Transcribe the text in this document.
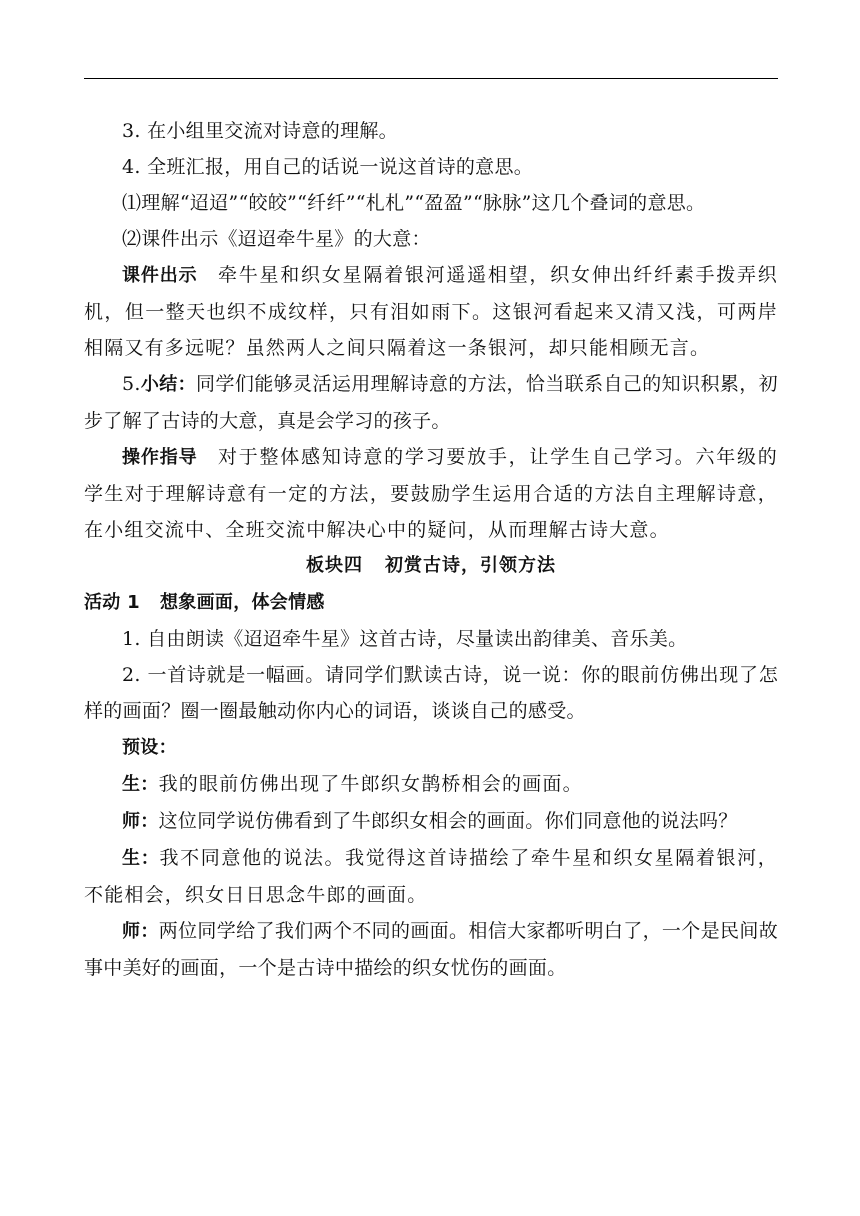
3. 在小组里交流对诗意的理解。

4. 全班汇报，用自己的话说一说这首诗的意思。

⑴理解“迢迢”“皎皎”“纤纤”“札札”“盈盈”“脉脉”这几个叠词的意思。

⑵课件出示《迢迢牵牛星》的大意：

课件出示 牵牛星和织女星隔着银河遥遥相望，织女伸出纤纤素手拨弄织机，但一整天也织不成纹样，只有泪如雨下。这银河看起来又清又浅，可两岸相隔又有多远呢？虽然两人之间只隔着这一条银河，却只能相顾无言。

5.小结：同学们能够灵活运用理解诗意的方法，恰当联系自己的知识积累，初步了解了古诗的大意，真是会学习的孩子。

操作指导 对于整体感知诗意的学习要放手，让学生自己学习。六年级的学生对于理解诗意有一定的方法，要鼓励学生运用合适的方法自主理解诗意，在小组交流中、全班交流中解决心中的疑问，从而理解古诗大意。

板块四 初赏古诗，引领方法

活动 1 想象画面，体会情感

1. 自由朗读《迢迢牵牛星》这首古诗，尽量读出韵律美、音乐美。

2. 一首诗就是一幅画。请同学们默读古诗，说一说：你的眼前仿佛出现了怎样的画面？圈一圈最触动你内心的词语，谈谈自己的感受。

预设：

生：我的眼前仿佛出现了牛郎织女鹊桥相会的画面。

师：这位同学说仿佛看到了牛郎织女相会的画面。你们同意他的说法吗？

生：我不同意他的说法。我觉得这首诗描绘了牵牛星和织女星隔着银河，不能相会，织女日日思念牛郎的画面。

师：两位同学给了我们两个不同的画面。相信大家都听明白了，一个是民间故事中美好的画面，一个是古诗中描绘的织女忧伤的画面。
